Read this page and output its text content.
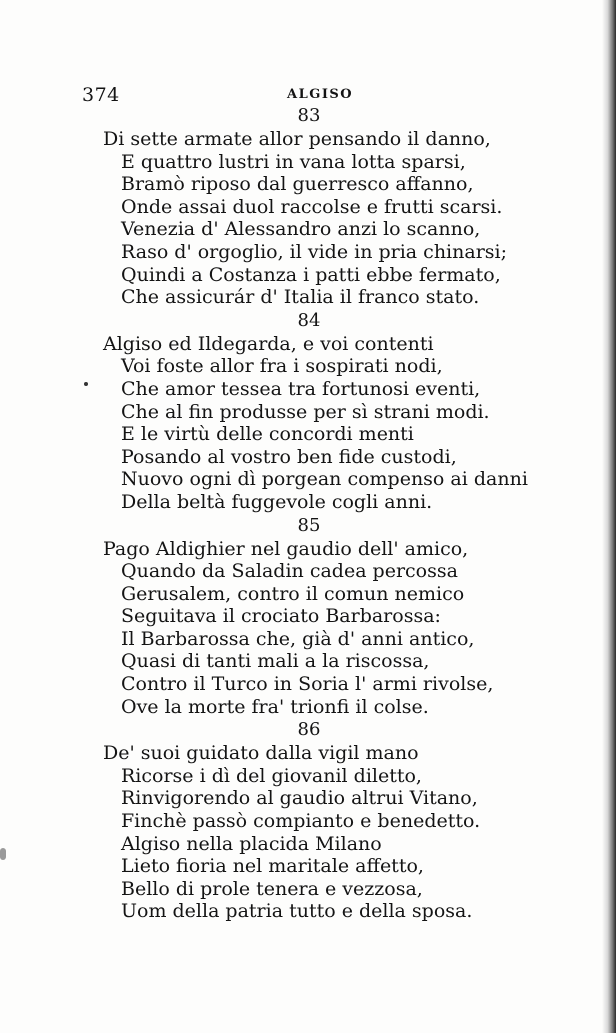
374	ALGISO
83
Di sette armate allor pensando il danno,
E quattro lustri in vana lotta sparsi,
Bramò riposo dal guerresco affanno,
Onde assai duol raccolse e frutti scarsi.
Venezia d' Alessandro anzi lo scanno,
Raso d' orgoglio, il vide in pria chinarsi;
Quindi a Costanza i patti ebbe fermato,
Che assicurár d' Italia il franco stato.
84
Algiso ed Ildegarda, e voi contenti
Voi foste allor fra i sospirati nodi,
Che amor tessea tra fortunosi eventi,
Che al fin produsse per sì strani modi.
E le virtù delle concordi menti
Posando al vostro ben fide custodi,
Nuovo ogni dì porgean compenso ai danni
Della beltà fuggevole cogli anni.
85
Pago Aldighier nel gaudio dell' amico,
Quando da Saladin cadea percossa
Gerusalem, contro il comun nemico
Seguitava il crociato Barbarossa:
Il Barbarossa che, già d' anni antico,
Quasi di tanti mali a la riscossa,
Contro il Turco in Soria l' armi rivolse,
Ove la morte fra' trionfi il colse.
86
De' suoi guidato dalla vigil mano
Ricorse i dì del giovanil diletto,
Rinvigorendo al gaudio altrui Vitano,
Finchè passò compianto e benedetto.
Algiso nella placida Milano
Lieto fioria nel maritale affetto,
Bello di prole tenera e vezzosa,
Uom della patria tutto e della sposa.
